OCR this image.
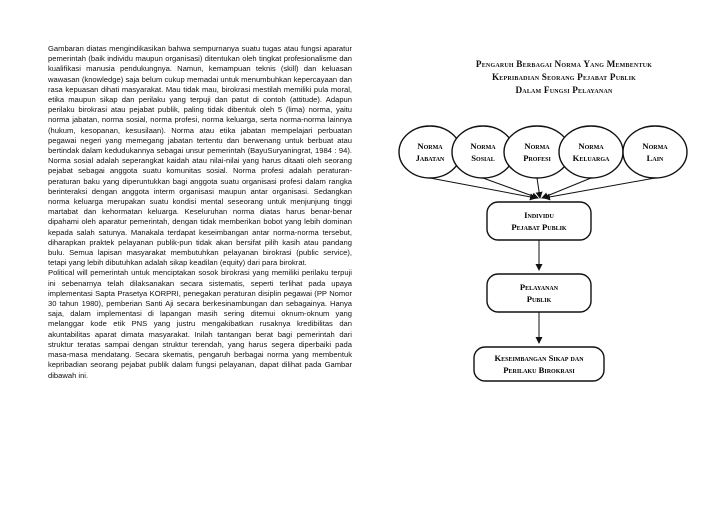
Gambaran diatas mengindikasikan bahwa sempurnanya suatu tugas atau fungsi aparatur pemerintah (baik individu maupun organisasi) ditentukan oleh tingkat profesionalisme dan kualifikasi manusia pendukungnya. Namun, kemampuan teknis (skill) dan keluasan wawasan (knowledge) saja belum cukup memadai untuk menumbuhkan kepercayaan dan rasa kepuasan dihati masyarakat. Mau tidak mau, birokrasi mestilah memiliki pula moral, etika maupun sikap dan perilaku yang terpuji dan patut di contoh (attitude). Adapun perilaku birokrasi atau pejabat publik, paling tidak dibentuk oleh 5 (lima) norma, yaitu norma jabatan, norma sosial, norma profesi, norma keluarga, serta norma-norma lainnya (hukum, kesopanan, kesusilaan). Norma atau etika jabatan mempelajari perbuatan pegawai negeri yang memegang jabatan tertentu dan berwenang untuk berbuat atau bertindak dalam kedudukannya sebagai unsur pemerintah (BayuSuryaningrat, 1984 : 94). Norma sosial adalah seperangkat kaidah atau nilai-nilai yang harus ditaati oleh seorang pejabat sebagai anggota suatu komunitas sosial. Norma profesi adalah peraturan-peraturan baku yang diperuntukkan bagi anggota suatu organisasi profesi dalam rangka berinteraksi dengan anggota interm organisasi maupun antar organisasi. Sedangkan norma keluarga merupakan suatu kondisi mental seseorang untuk menjunjung tinggi martabat dan kehormatan keluarga. Keseluruhan norma diatas harus benar-benar dipahami oleh aparatur pemerintah, dengan tidak memberikan bobot yang lebih dominan kepada salah satunya. Manakala terdapat keseimbangan antar norma-norma tersebut, diharapkan praktek pelayanan publik-pun tidak akan bersifat pilih kasih atau pandang bulu. Semua lapisan masyarakat membutuhkan pelayanan birokrasi (public service), tetapi yang lebih dibutuhkan adalah sikap keadilan (equity) dari para birokrat.

Political will pemerintah untuk menciptakan sosok birokrasi yang memiliki perilaku terpuji ini sebenarnya telah dilaksanakan secara sistematis, seperti terlihat pada upaya implementasi Sapta Prasetya KORPRI, penegakan peraturan disiplin pegawai (PP Nomor 30 tahun 1980), pemberian Santi Aji secara berkesinambungan dan sebagainya. Hanya saja, dalam implementasi di lapangan masih sering ditemui oknum-oknum yang melanggar kode etik PNS yang justru mengakibatkan rusaknya kredibilitas dan akuntabilitas aparat dimata masyarakat. Inilah tantangan berat bagi pemerintah dari struktur teratas sampai dengan struktur terendah, yang harus segera diperbaiki pada masa-masa mendatang. Secara skematis, pengaruh berbagai norma yang membentuk kepribadian seorang pejabat publik dalam fungsi pelayanan, dapat dilihat pada Gambar dibawah ini.

Pengaruh Berbagai Norma Yang Membentuk
Kepribadian Seorang Pejabat Publik
Dalam Fungsi Pelayanan
Norma
Jabatan
Norma
Sosial
Norma
Profesi
Norma
Keluarga
Norma
Lain
Individu
Pejabat Publik
Pelayanan
Publik
Keseimbangan Sikap dan
Perilaku Birokrasi
